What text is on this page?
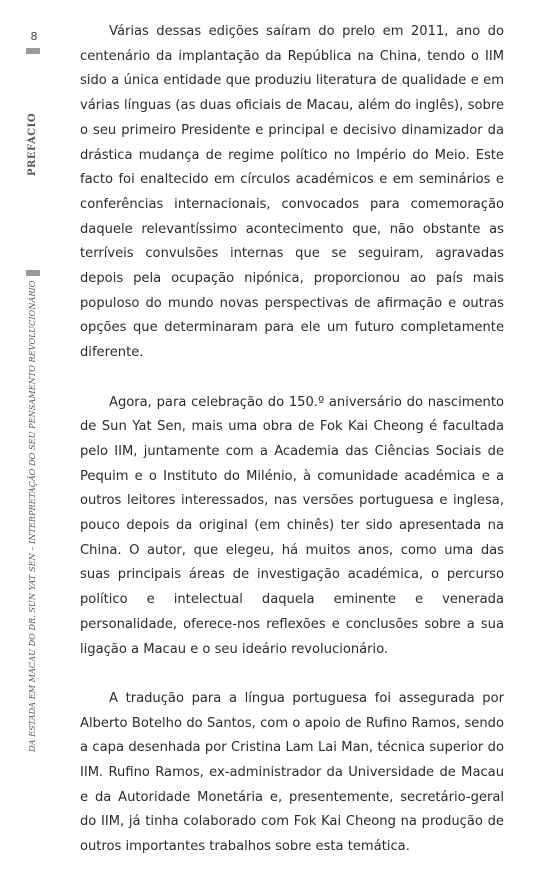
8
PREFÁCIO
DA ESTADA EM MACAU DO DR. SUN YAT SEN – INTERPRETAÇÃO DO SEU PENSAMENTO REVOLUCIONÁRIO

Várias dessas edições saíram do prelo em 2011, ano do centenário da implantação da República na China, tendo o IIM sido a única entidade que produziu literatura de qualidade e em várias línguas (as duas oficiais de Macau, além do inglês), sobre o seu primeiro Presidente e principal e decisivo dinamizador da drástica mudança de regime político no Império do Meio. Este facto foi enaltecido em círculos académicos e em seminários e conferências internacionais, convocados para comemoração daquele relevantíssimo acontecimento que, não obstante as terríveis convulsões internas que se seguiram, agravadas depois pela ocupação nipónica, proporcionou ao país mais populoso do mundo novas perspectivas de afirmação e outras opções que determinaram para ele um futuro completamente diferente.

Agora, para celebração do 150.º aniversário do nascimento de Sun Yat Sen, mais uma obra de Fok Kai Cheong é facultada pelo IIM, juntamente com a Academia das Ciências Sociais de Pequim e o Instituto do Milénio, à comunidade académica e a outros leitores interessados, nas versões portuguesa e inglesa, pouco depois da original (em chinês) ter sido apresentada na China. O autor, que elegeu, há muitos anos, como uma das suas principais áreas de investigação académica, o percurso político e intelectual daquela eminente e venerada personalidade, oferece-nos reflexões e conclusões sobre a sua ligação a Macau e o seu ideário revolucionário.

A tradução para a língua portuguesa foi assegurada por Alberto Botelho do Santos, com o apoio de Rufino Ramos, sendo a capa desenhada por Cristina Lam Lai Man, técnica superior do IIM. Rufino Ramos, ex-administrador da Universidade de Macau e da Autoridade Monetária e, presentemente, secretário-geral do IIM, já tinha colaborado com Fok Kai Cheong na produção de outros importantes trabalhos sobre esta temática.
